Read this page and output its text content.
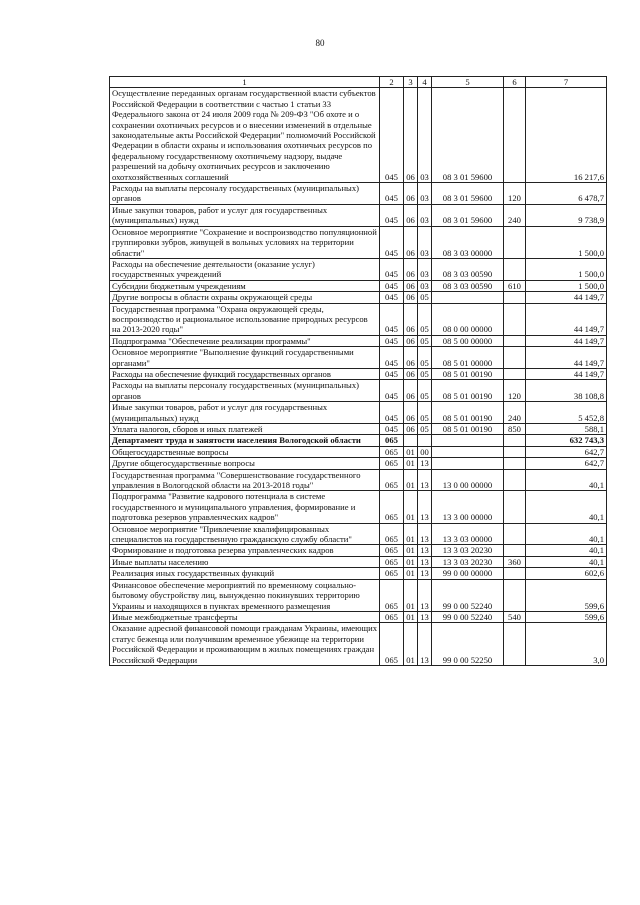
80
1	2	3	4	5	6	7
Осуществление переданных органам государственной власти субъектов Российской Федерации в соответствии с частью 1 статьи 33 Федерального закона от 24 июля 2009 года № 209-ФЗ "Об охоте и о сохранении охотничьих ресурсов и о внесении изменений в отдельные законодательные акты Российской Федерации" полномочий Российской Федерации в области охраны и использования охотничьих ресурсов по федеральному государственному охотничьему надзору, выдаче разрешений на добычу охотничьих ресурсов и заключению охотхозяйственных соглашений	045	06	03	08 3 01 59600		16 217,6
Расходы на выплаты персоналу государственных (муниципальных) органов	045	06	03	08 3 01 59600	120	6 478,7
Иные закупки товаров, работ и услуг для государственных (муниципальных) нужд	045	06	03	08 3 01 59600	240	9 738,9
Основное мероприятие "Сохранение и воспроизводство популяционной группировки зубров, живущей в вольных условиях на территории области"	045	06	03	08 3 03 00000		1 500,0
Расходы на обеспечение деятельности (оказание услуг) государственных учреждений	045	06	03	08 3 03 00590		1 500,0
Субсидии бюджетным учреждениям	045	06	03	08 3 03 00590	610	1 500,0
Другие вопросы в области охраны окружающей среды	045	06	05			44 149,7
Государственная программа "Охрана окружающей среды, воспроизводство и рациональное использование природных ресурсов на 2013-2020 годы"	045	06	05	08 0 00 00000		44 149,7
Подпрограмма "Обеспечение реализации программы"	045	06	05	08 5 00 00000		44 149,7
Основное мероприятие "Выполнение функций государственными органами"	045	06	05	08 5 01 00000		44 149,7
Расходы на обеспечение функций государственных органов	045	06	05	08 5 01 00190		44 149,7
Расходы на выплаты персоналу государственных (муниципальных) органов	045	06	05	08 5 01 00190	120	38 108,8
Иные закупки товаров, работ и услуг для государственных (муниципальных) нужд	045	06	05	08 5 01 00190	240	5 452,8
Уплата налогов, сборов и иных платежей	045	06	05	08 5 01 00190	850	588,1
Департамент труда и занятости населения Вологодской области	065					632 743,3
Общегосударственные вопросы	065	01	00			642,7
Другие общегосударственные вопросы	065	01	13			642,7
Государственная программа "Совершенствование государственного управления в Вологодской области на 2013-2018 годы"	065	01	13	13 0 00 00000		40,1
Подпрограмма "Развитие кадрового потенциала в системе государственного и муниципального управления, формирование и подготовка резервов управленческих кадров"	065	01	13	13 3 00 00000		40,1
Основное мероприятие "Привлечение квалифицированных специалистов на государственную гражданскую службу области"	065	01	13	13 3 03 00000		40,1
Формирование и подготовка резерва управленческих кадров	065	01	13	13 3 03 20230		40,1
Иные выплаты населению	065	01	13	13 3 03 20230	360	40,1
Реализация иных государственных функций	065	01	13	99 0 00 00000		602,6
Финансовое обеспечение мероприятий по временному социально-бытовому обустройству лиц, вынужденно покинувших территорию Украины и находящихся в пунктах временного размещения	065	01	13	99 0 00 52240		599,6
Иные межбюджетные трансферты	065	01	13	99 0 00 52240	540	599,6
Оказание адресной финансовой помощи гражданам Украины, имеющих статус беженца или получившим временное убежище на территории Российской Федерации и проживающим в жилых помещениях граждан Российской Федерации	065	01	13	99 0 00 52250		3,0
